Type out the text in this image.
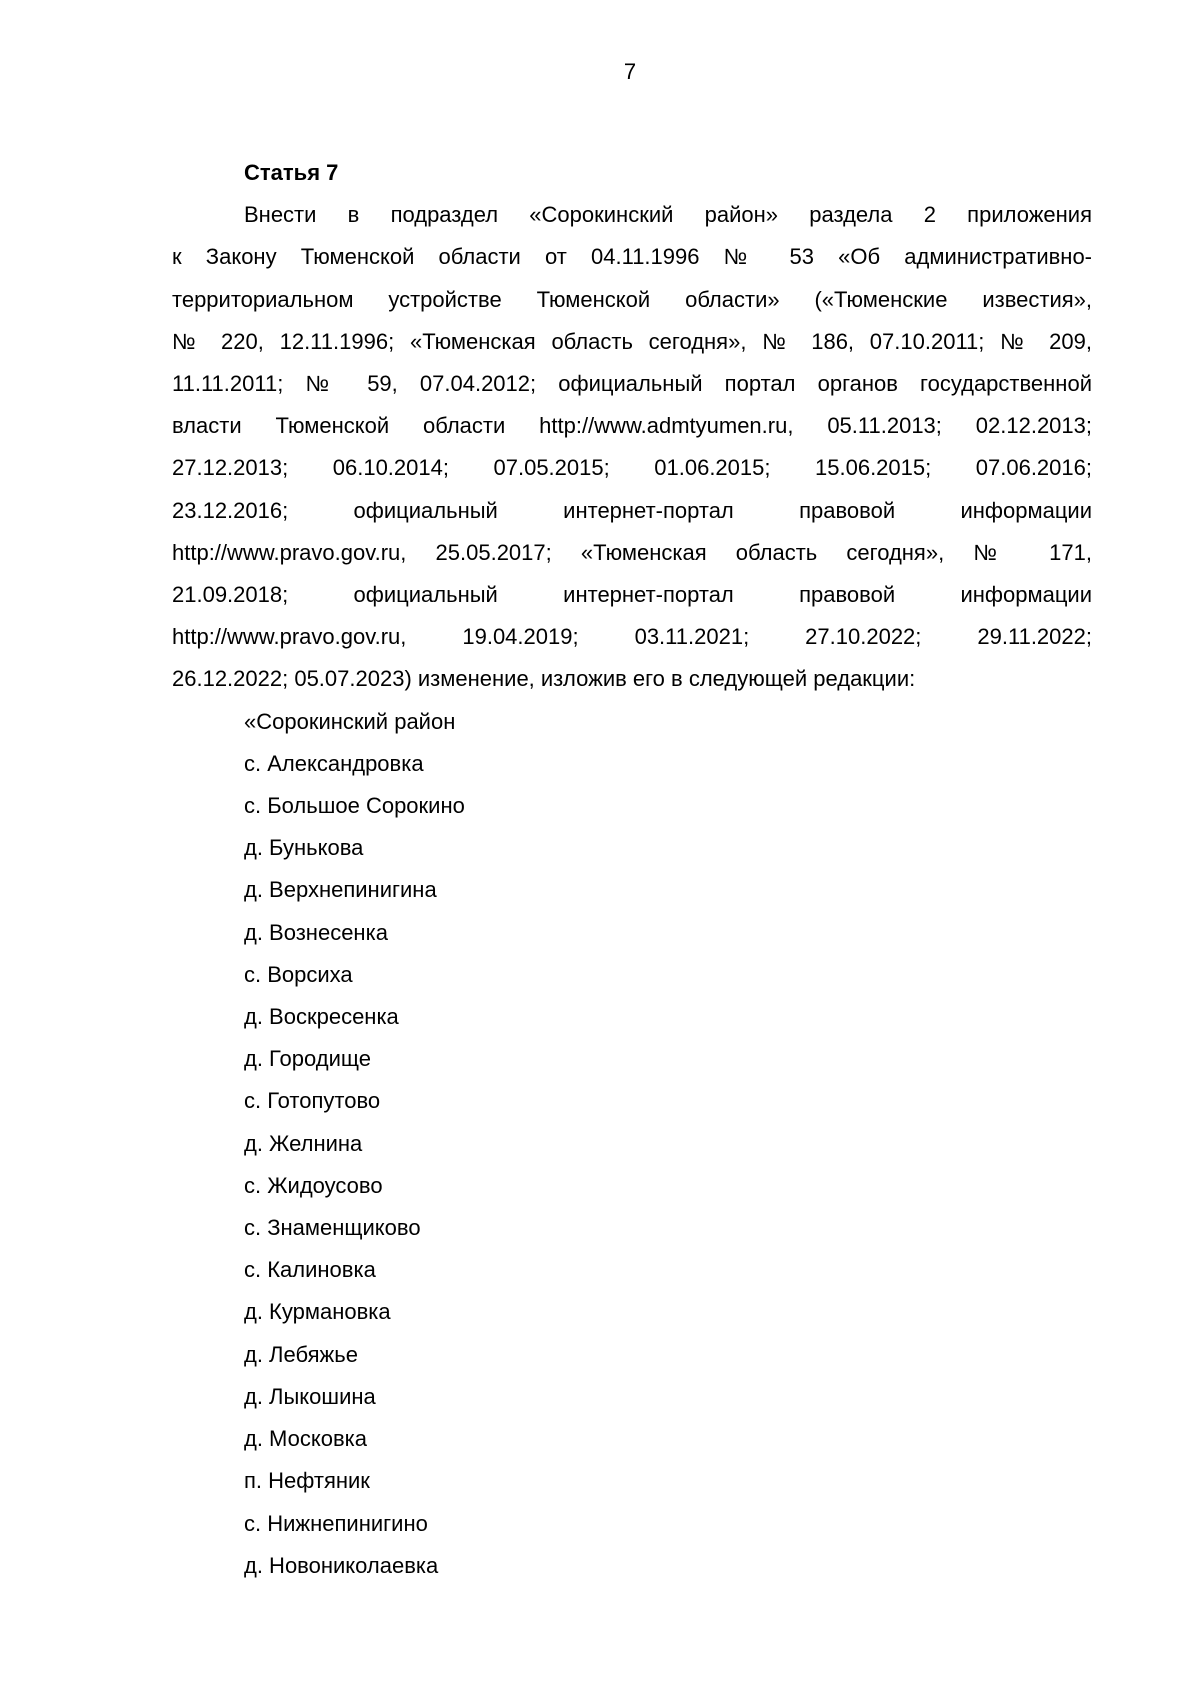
7
Статья 7
Внести в подраздел «Сорокинский район» раздела 2 приложения
к Закону Тюменской области от 04.11.1996 № 53 «Об административно-
территориальном устройстве Тюменской области» («Тюменские известия»,
№ 220, 12.11.1996; «Тюменская область сегодня», № 186, 07.10.2011; № 209,
11.11.2011; № 59, 07.04.2012; официальный портал органов государственной
власти Тюменской области http://www.admtyumen.ru, 05.11.2013; 02.12.2013;
27.12.2013; 06.10.2014; 07.05.2015; 01.06.2015; 15.06.2015; 07.06.2016;
23.12.2016; официальный интернет-портал правовой информации
http://www.pravo.gov.ru, 25.05.2017; «Тюменская область сегодня», № 171,
21.09.2018; официальный интернет-портал правовой информации
http://www.pravo.gov.ru, 19.04.2019; 03.11.2021; 27.10.2022; 29.11.2022;
26.12.2022; 05.07.2023) изменение, изложив его в следующей редакции:
«Сорокинский район
с. Александровка
с. Большое Сорокино
д. Бунькова
д. Верхнепинигина
д. Вознесенка
с. Ворсиха
д. Воскресенка
д. Городище
с. Готопутово
д. Желнина
с. Жидоусово
с. Знаменщиково
с. Калиновка
д. Курмановка
д. Лебяжье
д. Лыкошина
д. Московка
п. Нефтяник
с. Нижнепинигино
д. Новониколаевка
